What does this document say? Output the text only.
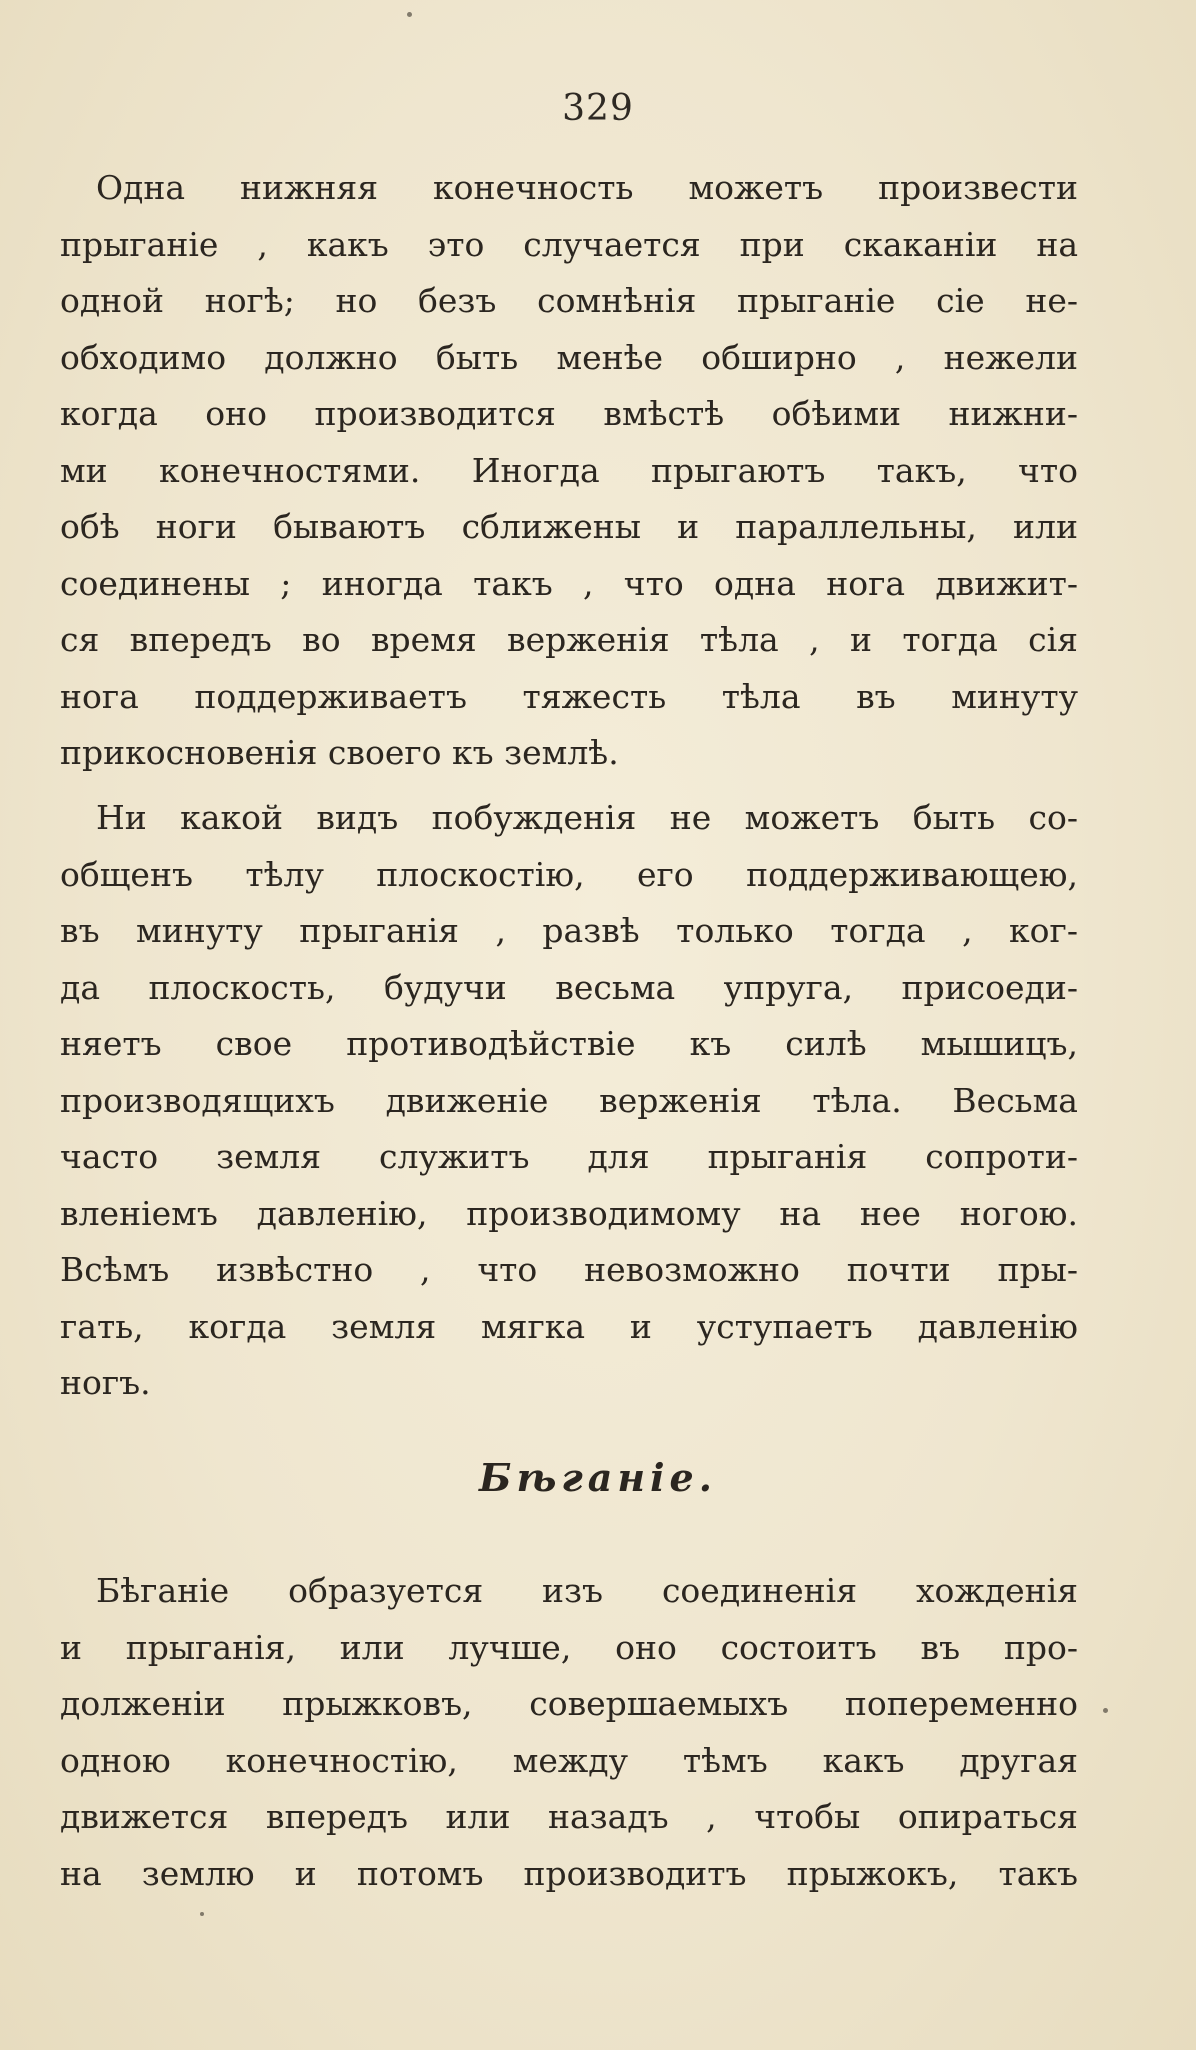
329
Одна нижняя конечность можетъ произвести
прыганіе , какъ это случается при скаканіи на
одной ногѣ; но безъ сомнѣнія прыганіе сіе не-
обходимо должно быть менѣе обширно , нежели
когда оно производится вмѣстѣ обѣими нижни-
ми конечностями. Иногда прыгаютъ такъ, что
обѣ ноги бываютъ сближены и параллельны, или
соединены ; иногда такъ , что одна нога движит-
ся впередъ во время верженія тѣла , и тогда сія
нога поддерживаетъ тяжесть тѣла въ минуту
прикосновенія своего къ землѣ.
Ни какой видъ побужденія не можетъ быть со-
общенъ тѣлу плоскостію, его поддерживающею,
въ минуту прыганія , развѣ только тогда , ког-
да плоскость, будучи весьма упруга, присоеди-
няетъ свое противодѣйствіе къ силѣ мышицъ,
производящихъ движеніе верженія тѣла. Весьма
часто земля служитъ для прыганія сопроти-
вленіемъ давленію, производимому на нее ногою.
Всѣмъ извѣстно , что невозможно почти пры-
гать, когда земля мягка и уступаетъ давленію
ногъ.
Бѣганіе.
Бѣганіе образуется изъ соединенія хожденія
и прыганія, или лучше, оно состоитъ въ про-
долженіи прыжковъ, совершаемыхъ попеременно
одною конечностію, между тѣмъ какъ другая
движется впередъ или назадъ , чтобы опираться
на землю и потомъ производитъ прыжокъ, такъ
